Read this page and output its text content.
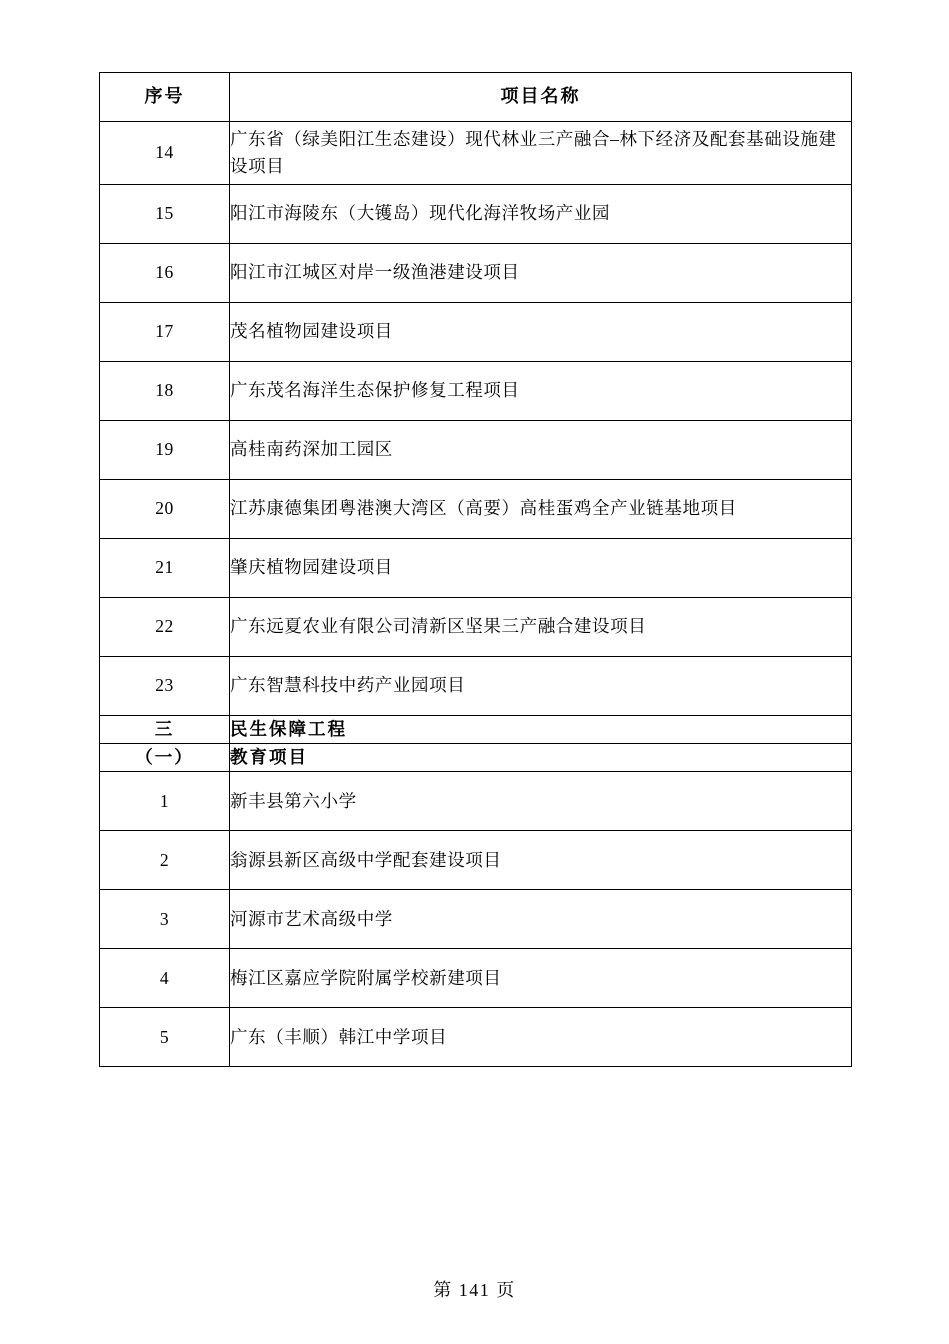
序号	项目名称
14	广东省（绿美阳江生态建设）现代林业三产融合–林下经济及配套基础设施建设项目
15	阳江市海陵东（大镬岛）现代化海洋牧场产业园
16	阳江市江城区对岸一级渔港建设项目
17	茂名植物园建设项目
18	广东茂名海洋生态保护修复工程项目
19	高桂南药深加工园区
20	江苏康德集团粤港澳大湾区（高要）高桂蛋鸡全产业链基地项目
21	肇庆植物园建设项目
22	广东远夏农业有限公司清新区坚果三产融合建设项目
23	广东智慧科技中药产业园项目
三	民生保障工程
（一）	教育项目
1	新丰县第六小学
2	翁源县新区高级中学配套建设项目
3	河源市艺术高级中学
4	梅江区嘉应学院附属学校新建项目
5	广东（丰顺）韩江中学项目
第 141 页
